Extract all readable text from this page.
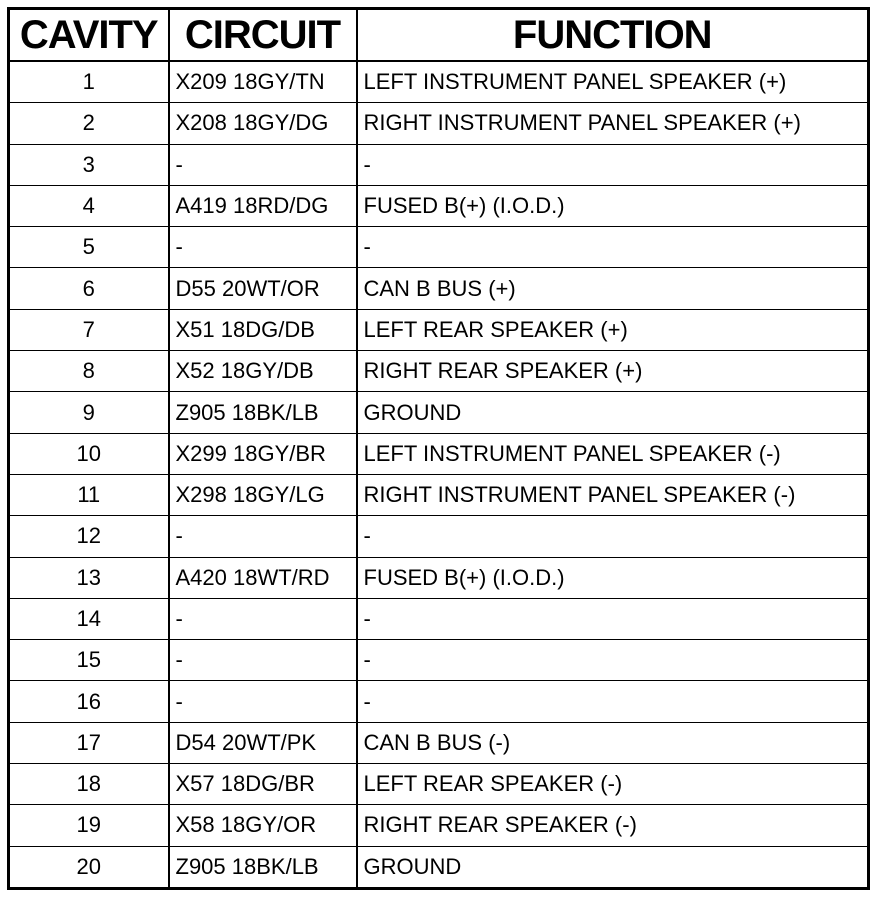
CAVITY	CIRCUIT	FUNCTION
1	X209 18GY/TN	LEFT INSTRUMENT PANEL SPEAKER (+)
2	X208 18GY/DG	RIGHT INSTRUMENT PANEL SPEAKER (+)
3	-	-
4	A419 18RD/DG	FUSED B(+) (I.O.D.)
5	-	-
6	D55 20WT/OR	CAN B BUS (+)
7	X51 18DG/DB	LEFT REAR SPEAKER (+)
8	X52 18GY/DB	RIGHT REAR SPEAKER (+)
9	Z905 18BK/LB	GROUND
10	X299 18GY/BR	LEFT INSTRUMENT PANEL SPEAKER (-)
11	X298 18GY/LG	RIGHT INSTRUMENT PANEL SPEAKER (-)
12	-	-
13	A420 18WT/RD	FUSED B(+) (I.O.D.)
14	-	-
15	-	-
16	-	-
17	D54 20WT/PK	CAN B BUS (-)
18	X57 18DG/BR	LEFT REAR SPEAKER (-)
19	X58 18GY/OR	RIGHT REAR SPEAKER (-)
20	Z905 18BK/LB	GROUND
